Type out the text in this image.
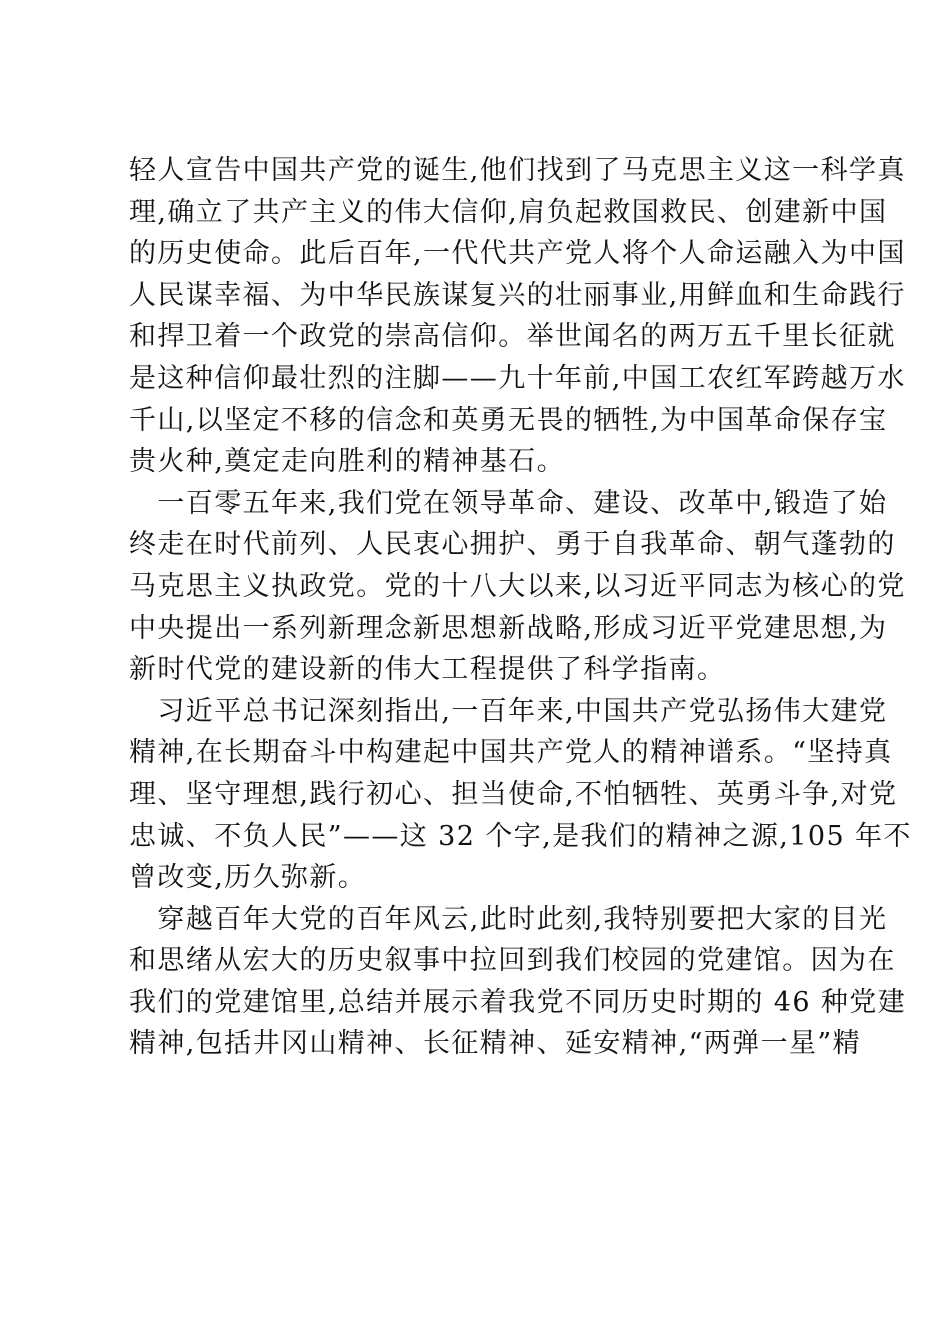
轻人宣告中国共产党的诞生,他们找到了马克思主义这一科学真
理,确立了共产主义的伟大信仰,肩负起救国救民、创建新中国
的历史使命。此后百年,一代代共产党人将个人命运融入为中国
人民谋幸福、为中华民族谋复兴的壮丽事业,用鲜血和生命践行
和捍卫着一个政党的崇高信仰。举世闻名的两万五千里长征就
是这种信仰最壮烈的注脚——九十年前,中国工农红军跨越万水
千山,以坚定不移的信念和英勇无畏的牺牲,为中国革命保存宝
贵火种,奠定走向胜利的精神基石。
　一百零五年来,我们党在领导革命、建设、改革中,锻造了始
终走在时代前列、人民衷心拥护、勇于自我革命、朝气蓬勃的
马克思主义执政党。党的十八大以来,以习近平同志为核心的党
中央提出一系列新理念新思想新战略,形成习近平党建思想,为
新时代党的建设新的伟大工程提供了科学指南。
　习近平总书记深刻指出,一百年来,中国共产党弘扬伟大建党
精神,在长期奋斗中构建起中国共产党人的精神谱系。“坚持真
理、坚守理想,践行初心、担当使命,不怕牺牲、英勇斗争,对党
忠诚、不负人民”——这 32 个字,是我们的精神之源,105 年不
曾改变,历久弥新。
　穿越百年大党的百年风云,此时此刻,我特别要把大家的目光
和思绪从宏大的历史叙事中拉回到我们校园的党建馆。因为在
我们的党建馆里,总结并展示着我党不同历史时期的 46 种党建
精神,包括井冈山精神、长征精神、延安精神,“两弹一星”精
